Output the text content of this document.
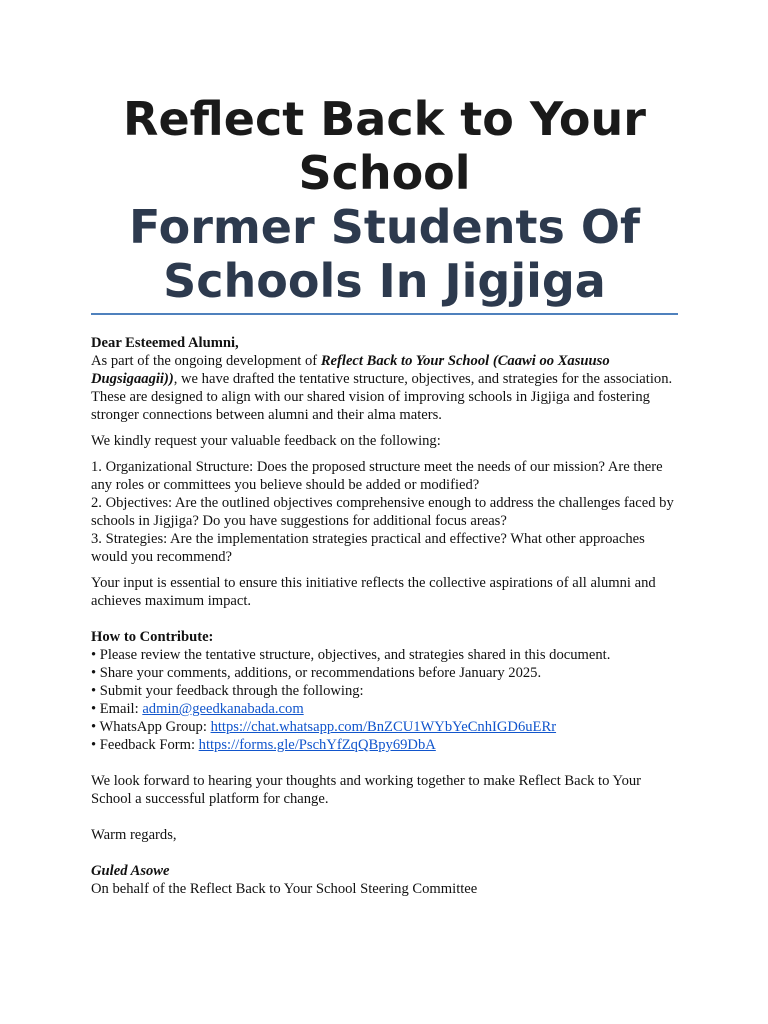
Reflect Back to Your School
Former Students Of Schools In Jigjiga

Dear Esteemed Alumni,

As part of the ongoing development of Reflect Back to Your School (Caawi oo Xasuuso Dugsigaagii)), we have drafted the tentative structure, objectives, and strategies for the association. These are designed to align with our shared vision of improving schools in Jigjiga and fostering stronger connections between alumni and their alma maters.

We kindly request your valuable feedback on the following:

1. Organizational Structure: Does the proposed structure meet the needs of our mission? Are there any roles or committees you believe should be added or modified?

2. Objectives: Are the outlined objectives comprehensive enough to address the challenges faced by schools in Jigjiga? Do you have suggestions for additional focus areas?

3. Strategies: Are the implementation strategies practical and effective? What other approaches would you recommend?

Your input is essential to ensure this initiative reflects the collective aspirations of all alumni and achieves maximum impact.

How to Contribute:

• Please review the tentative structure, objectives, and strategies shared in this document.

• Share your comments, additions, or recommendations before January 2025.

• Submit your feedback through the following:

• Email: admin@geedkanabada.com

• WhatsApp Group: https://chat.whatsapp.com/BnZCU1WYbYeCnhIGD6uERr

• Feedback Form: https://forms.gle/PschYfZqQBpy69DbA

We look forward to hearing your thoughts and working together to make Reflect Back to Your School a successful platform for change.

Warm regards,

Guled Asowe

On behalf of the Reflect Back to Your School Steering Committee
